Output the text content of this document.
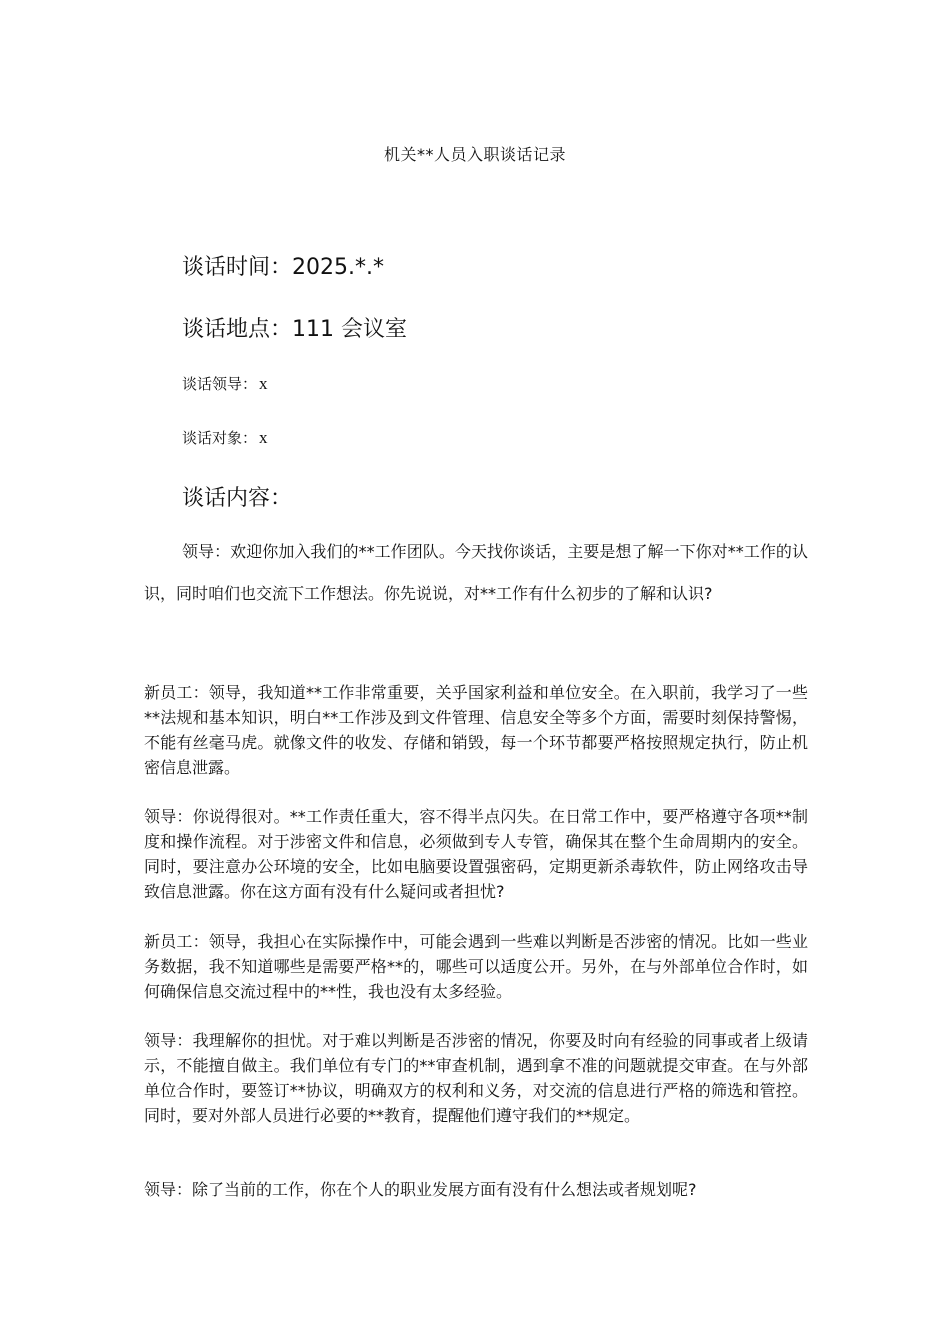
机关**人员入职谈话记录
谈话时间：2025.*.*
谈话地点：111 会议室
谈话领导： x
谈话对象： x
谈话内容：
领导：欢迎你加入我们的**工作团队。今天找你谈话，主要是想了解一下你对**工作的认识，同时咱们也交流下工作想法。你先说说，对**工作有什么初步的了解和认识?
新员工：领导，我知道**工作非常重要，关乎国家利益和单位安全。在入职前，我学习了一些**法规和基本知识，明白**工作涉及到文件管理、信息安全等多个方面，需要时刻保持警惕，不能有丝毫马虎。就像文件的收发、存储和销毁，每一个环节都要严格按照规定执行，防止机密信息泄露。
领导：你说得很对。**工作责任重大，容不得半点闪失。在日常工作中，要严格遵守各项**制度和操作流程。对于涉密文件和信息，必须做到专人专管，确保其在整个生命周期内的安全。同时，要注意办公环境的安全，比如电脑要设置强密码，定期更新杀毒软件，防止网络攻击导致信息泄露。你在这方面有没有什么疑问或者担忧?
新员工：领导，我担心在实际操作中，可能会遇到一些难以判断是否涉密的情况。比如一些业务数据，我不知道哪些是需要严格**的，哪些可以适度公开。另外，在与外部单位合作时，如何确保信息交流过程中的**性，我也没有太多经验。
领导：我理解你的担忧。对于难以判断是否涉密的情况，你要及时向有经验的同事或者上级请示，不能擅自做主。我们单位有专门的**审查机制，遇到拿不准的问题就提交审查。在与外部单位合作时，要签订**协议，明确双方的权利和义务，对交流的信息进行严格的筛选和管控。同时，要对外部人员进行必要的**教育，提醒他们遵守我们的**规定。
领导：除了当前的工作，你在个人的职业发展方面有没有什么想法或者规划呢?
